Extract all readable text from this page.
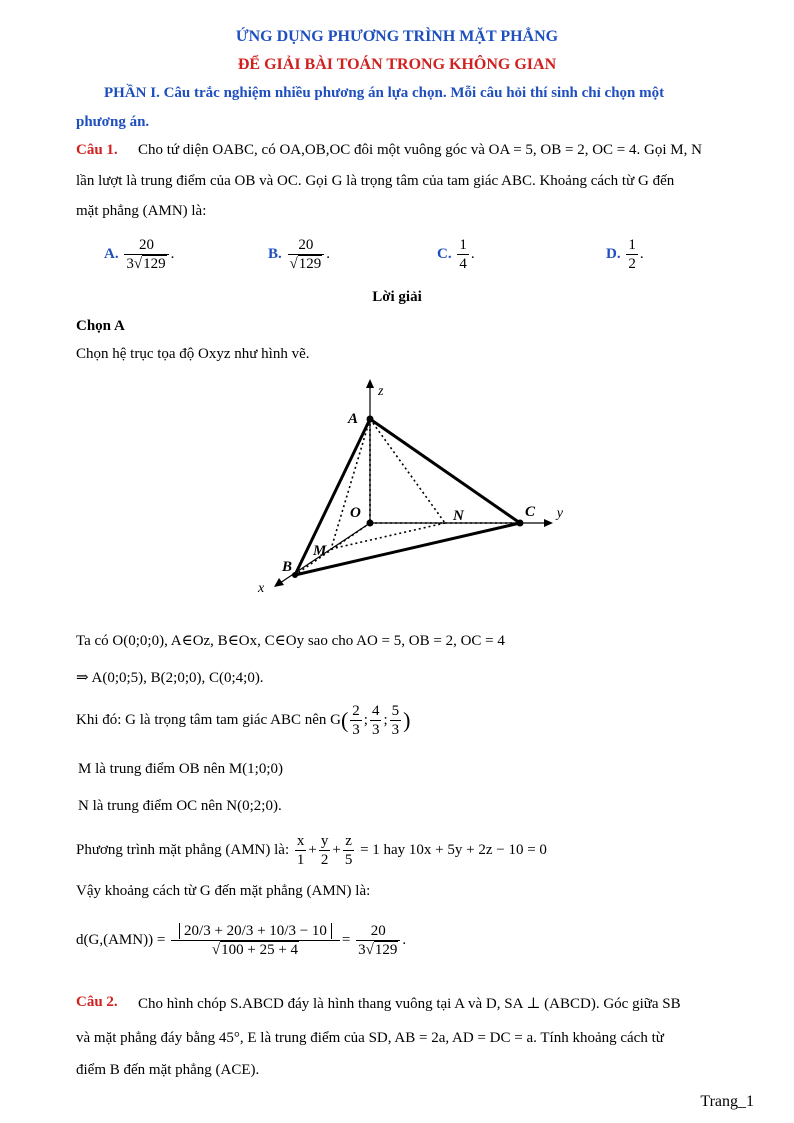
ỨNG DỤNG PHƯƠNG TRÌNH MẶT PHẲNG
ĐỂ GIẢI BÀI TOÁN TRONG KHÔNG GIAN
PHẦN I. Câu trắc nghiệm nhiều phương án lựa chọn. Mỗi câu hỏi thí sinh chỉ chọn một
phương án.
Câu 1. Cho tứ diện OABC, có OA,OB,OC đôi một vuông góc và OA = 5, OB = 2, OC = 4. Gọi M, N
lần lượt là trung điểm của OB và OC. Gọi G là trọng tâm của tam giác ABC. Khoảng cách từ G đến
mặt phẳng (AMN) là:
A. $\frac{20}{3√129}$ .	B. $\frac{20}{√129}$ .	C. $\frac{1}{4}$ .	D. $\frac{1}{2}$ .
Lời giải
Chọn A
Chọn hệ trục tọa độ Oxyz như hình vẽ.
z
y
x
A
O	N	C
M
B
Ta có O(0;0;0), A∈Oz, B∈Ox, C∈Oy sao cho AO = 5, OB = 2, OC = 4
⇒ A(0;0;5), B(2;0;0), C(0;4;0).
Khi đó: G là trọng tâm tam giác ABC nên $G( \frac{2}{3}$ ; $\frac{4}{3}$ ; $\frac{5}{3}$ )
M là trung điểm OB nên M(1;0;0)
N là trung điểm OC nên N(0;2;0).
Phương trình mặt phẳng (AMN) là: $\frac{x}{1} + \frac{y}{2} + \frac{z}{5} = 1$ hay 10x + 5y + 2z − 10 = 0
Vậy khoảng cách từ G đến mặt phẳng (AMN) là:
$d(G,(AMN)) = \frac{20/3 + 20/3 + 10/3 - 10}{√100 + 25 + 4} = \frac{20}{3√129}$ .
Câu 2. Cho hình chóp S.ABCD đáy là hình thang vuông tại A và D, SA ⊥ (ABCD). Góc giữa SB
và mặt phẳng đáy bằng 45°, E là trung điểm của SD, AB = 2a, AD = DC = a. Tính khoảng cách từ
điểm B đến mặt phẳng (ACE).
Trang_1
